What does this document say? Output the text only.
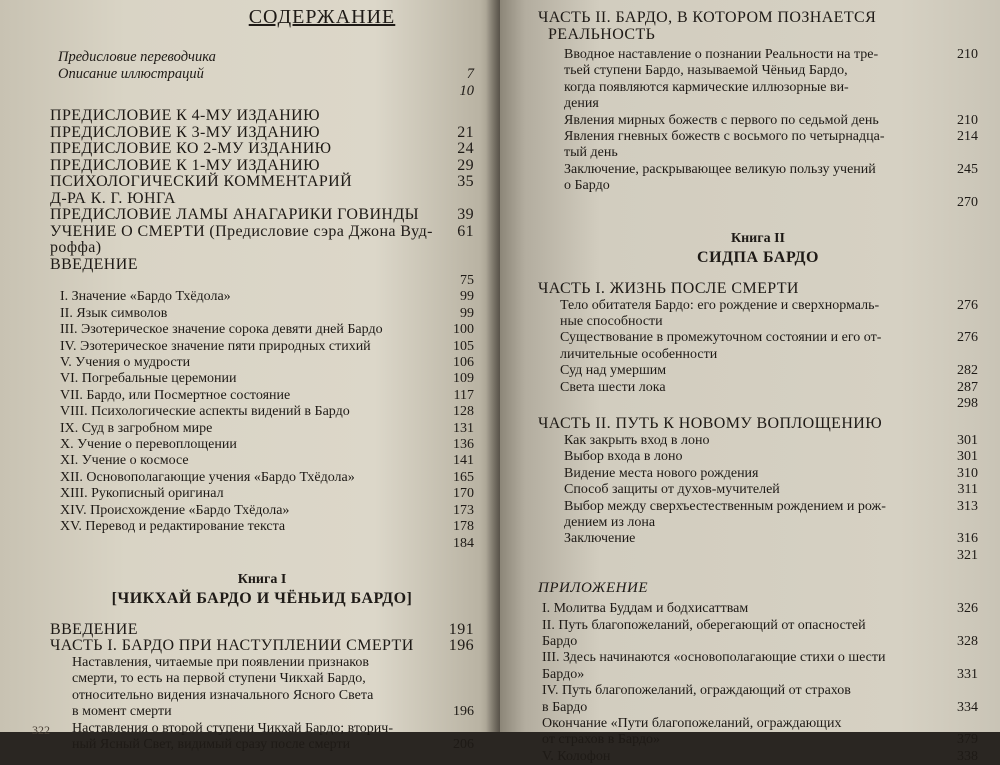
СОДЕРЖАНИЕ
Предисловие переводчика
Описание иллюстраций	7
10
ПРЕДИСЛОВИЕ К 4-МУ ИЗДАНИЮ
ПРЕДИСЛОВИЕ К 3-МУ ИЗДАНИЮ	21
ПРЕДИСЛОВИЕ КО 2-МУ ИЗДАНИЮ	24
ПРЕДИСЛОВИЕ К 1-МУ ИЗДАНИЮ	29
ПСИХОЛОГИЧЕСКИЙ КОММЕНТАРИЙ	35
Д-РА К. Г. ЮНГА
ПРЕДИСЛОВИЕ ЛАМЫ АНАГАРИКИ ГОВИНДЫ 39
УЧЕНИЕ О СМЕРТИ (Предисловие сэра Джона Вуд- 61
роффа)
ВВЕДЕНИЕ
75
I. Значение «Бардо Тхёдола»	99
II. Язык символов	99
III. Эзотерическое значение сорока девяти дней Бардо	100
IV. Эзотерическое значение пяти природных стихий	105
V. Учения о мудрости	106
VI. Погребальные церемонии	109
VII. Бардо, или Посмертное состояние	117
VIII. Психологические аспекты видений в Бардо	128
IX. Суд в загробном мире	131
X. Учение о перевоплощении	136
XI. Учение о космосе	141
XII. Основополагающие учения «Бардо Тхёдола»	165
XIII. Рукописный оригинал	170
XIV. Происхождение «Бардо Тхёдола»	173
XV. Перевод и редактирование текста	178
184
Книга I
[ЧИКХАЙ БАРДО И ЧЁНЬИД БАРДО]
ВВЕДЕНИЕ	191
ЧАСТЬ I. БАРДО ПРИ НАСТУПЛЕНИИ СМЕРТИ 196
Наставления, читаемые при появлении признаков
смерти, то есть на первой ступени Чикхай Бардо,
относительно видения изначального Ясного Света
в момент смерти	196
Наставления о второй ступени Чикхай Бардо; вторич-
ный Ясный Свет, видимый сразу после смерти	206
322
ЧАСТЬ II. БАРДО, В КОТОРОМ ПОЗНАЕТСЯ
РЕАЛЬНОСТЬ
Вводное наставление о познании Реальности на тре-	210
тьей ступени Бардо, называемой Чёньид Бардо,
когда появляются кармические иллюзорные ви-
дения
Явления мирных божеств с первого по седьмой день	210
Явления гневных божеств с восьмого по четырнадца-	214
тый день
Заключение, раскрывающее великую пользу учений	245
о Бардо
270
Книга II
СИДПА БАРДО
ЧАСТЬ I. ЖИЗНЬ ПОСЛЕ СМЕРТИ
Тело обитателя Бардо: его рождение и сверхнормаль-	276
ные способности
Существование в промежуточном состоянии и его от-	276
личительные особенности
Суд над умершим	282
Света шести лока	287
298
ЧАСТЬ II. ПУТЬ К НОВОМУ ВОПЛОЩЕНИЮ
Как закрыть вход в лоно	301
Выбор входа в лоно	301
Видение места нового рождения	310
Способ защиты от духов-мучителей	311
Выбор между сверхъестественным рождением и рож-	313
дением из лона
Заключение	316
321
ПРИЛОЖЕНИЕ
I. Молитва Буддам и бодхисаттвам	326
II. Путь благопожеланий, оберегающий от опасностей
Бардо	328
III. Здесь начинаются «основополагающие стихи о шести
Бардо»	331
IV. Путь благопожеланий, ограждающий от страхов
в Бардо	334
Окончание «Пути благопожеланий, ограждающих
от страхов в Бардо»	379
V. Колофон	338
